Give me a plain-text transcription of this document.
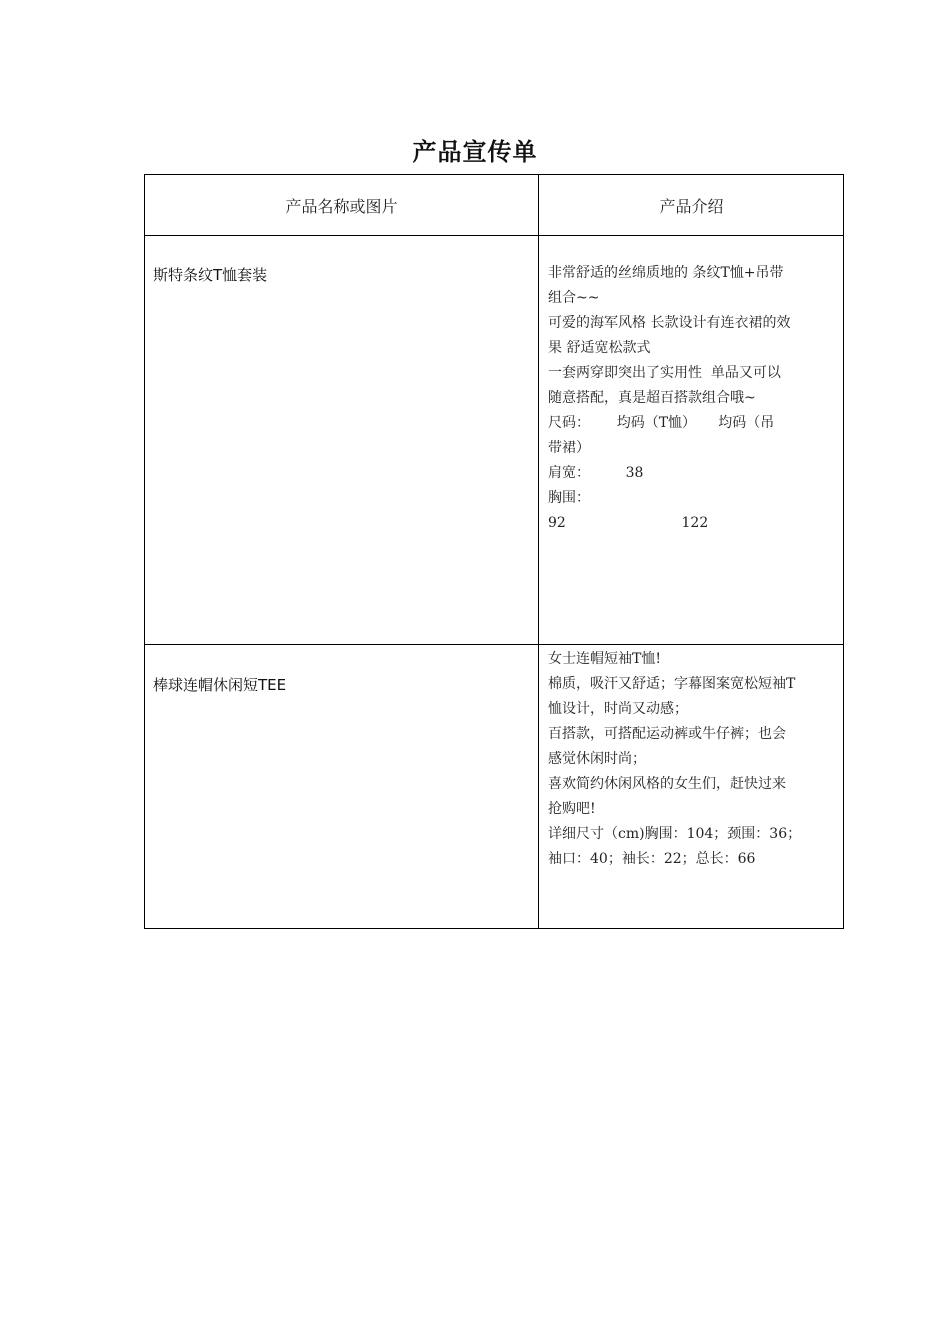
产品宣传单
产品名称或图片	产品介绍
斯特条纹T恤套装	非常舒适的丝绵质地的 条纹T恤+吊带
组合~~
可爱的海军风格 长款设计有连衣裙的效
果 舒适宽松款式
一套两穿即突出了实用性  单品又可以
随意搭配，真是超百搭款组合哦~
尺码：      均码（T恤）     均码（吊
带裙）
肩宽：        38
胸围：
92                          122
棒球连帽休闲短TEE
女士连帽短袖T恤!
棉质，吸汗又舒适；字幕图案宽松短袖T
恤设计，时尚又动感；
百搭款，可搭配运动裤或牛仔裤；也会
感觉休闲时尚；
喜欢简约休闲风格的女生们，赶快过来
抢购吧!
详细尺寸（cm)胸围：104；颈围：36；
袖口：40；袖长：22；总长：66
